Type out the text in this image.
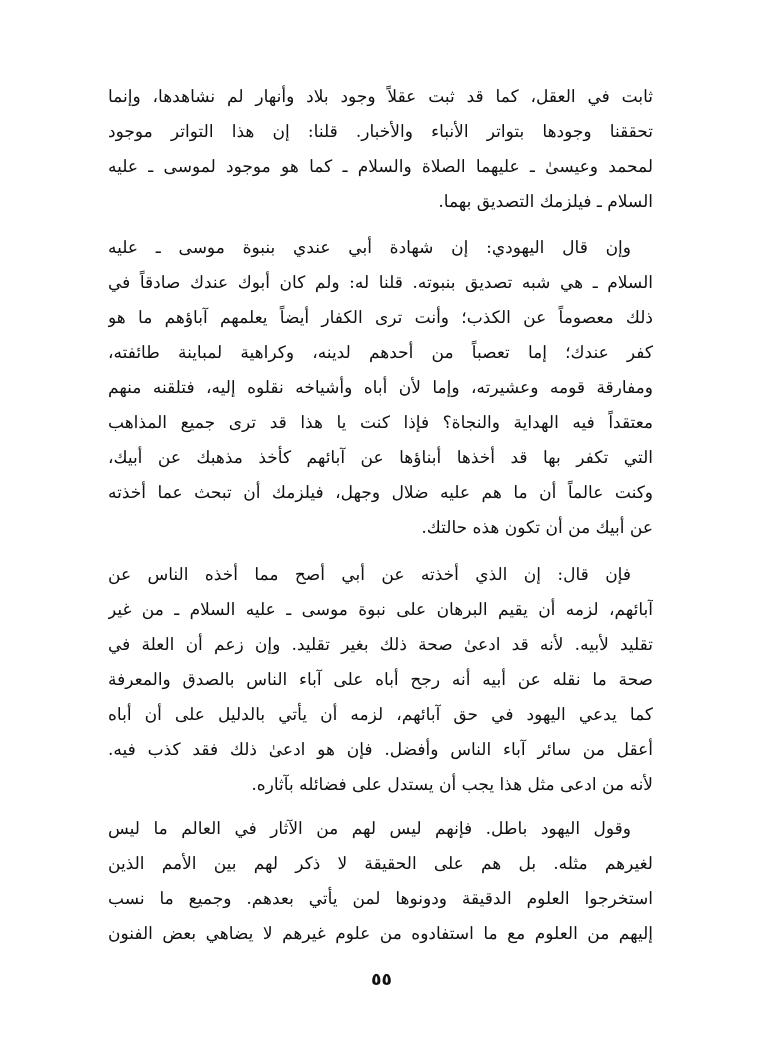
ثابت في العقل، كما قد ثبت عقلاً وجود بلاد وأنهار لم نشاهدها، وإنما
تحققنا وجودها بتواتر الأنباء والأخبار. قلنا: إن هذا التواتر موجود
لمحمد وعيسىٰ ـ عليهما الصلاة والسلام ـ كما هو موجود لموسى ـ عليه
السلام ـ فيلزمك التصديق بهما.
وإن قال اليهودي: إن شهادة أبي عندي بنبوة موسى ـ عليه
السلام ـ هي شبه تصديق بنبوته. قلنا له: ولم كان أبوك عندك صادقاً في
ذلك معصوماً عن الكذب؛ وأنت ترى الكفار أيضاً يعلمهم آباؤهم ما هو
كفر عندك؛ إما تعصباً من أحدهم لدينه، وكراهية لمباينة طائفته،
ومفارقة قومه وعشيرته، وإما لأن أباه وأشياخه نقلوه إليه، فتلقنه منهم
معتقداً فيه الهداية والنجاة؟ فإذا كنت يا هذا قد ترى جميع المذاهب
التي تكفر بها قد أخذها أبناؤها عن آبائهم كأخذ مذهبك عن أبيك،
وكنت عالماً أن ما هم عليه ضلال وجهل، فيلزمك أن تبحث عما أخذته
عن أبيك من أن تكون هذه حالتك.
فإن قال: إن الذي أخذته عن أبي أصح مما أخذه الناس عن
آبائهم، لزمه أن يقيم البرهان على نبوة موسى ـ عليه السلام ـ من غير
تقليد لأبيه. لأنه قد ادعىٰ صحة ذلك بغير تقليد. وإن زعم أن العلة في
صحة ما نقله عن أبيه أنه رجح أباه على آباء الناس بالصدق والمعرفة
كما يدعي اليهود في حق آبائهم، لزمه أن يأتي بالدليل على أن أباه
أعقل من سائر آباء الناس وأفضل. فإن هو ادعىٰ ذلك فقد كذب فيه.
لأنه من ادعى مثل هذا يجب أن يستدل على فضائله بآثاره.
وقول اليهود باطل. فإنهم ليس لهم من الآثار في العالم ما ليس
لغيرهم مثله. بل هم على الحقيقة لا ذكر لهم بين الأمم الذين
استخرجوا العلوم الدقيقة ودونوها لمن يأتي بعدهم. وجميع ما نسب
إليهم من العلوم مع ما استفادوه من علوم غيرهم لا يضاهي بعض الفنون
٥٥
